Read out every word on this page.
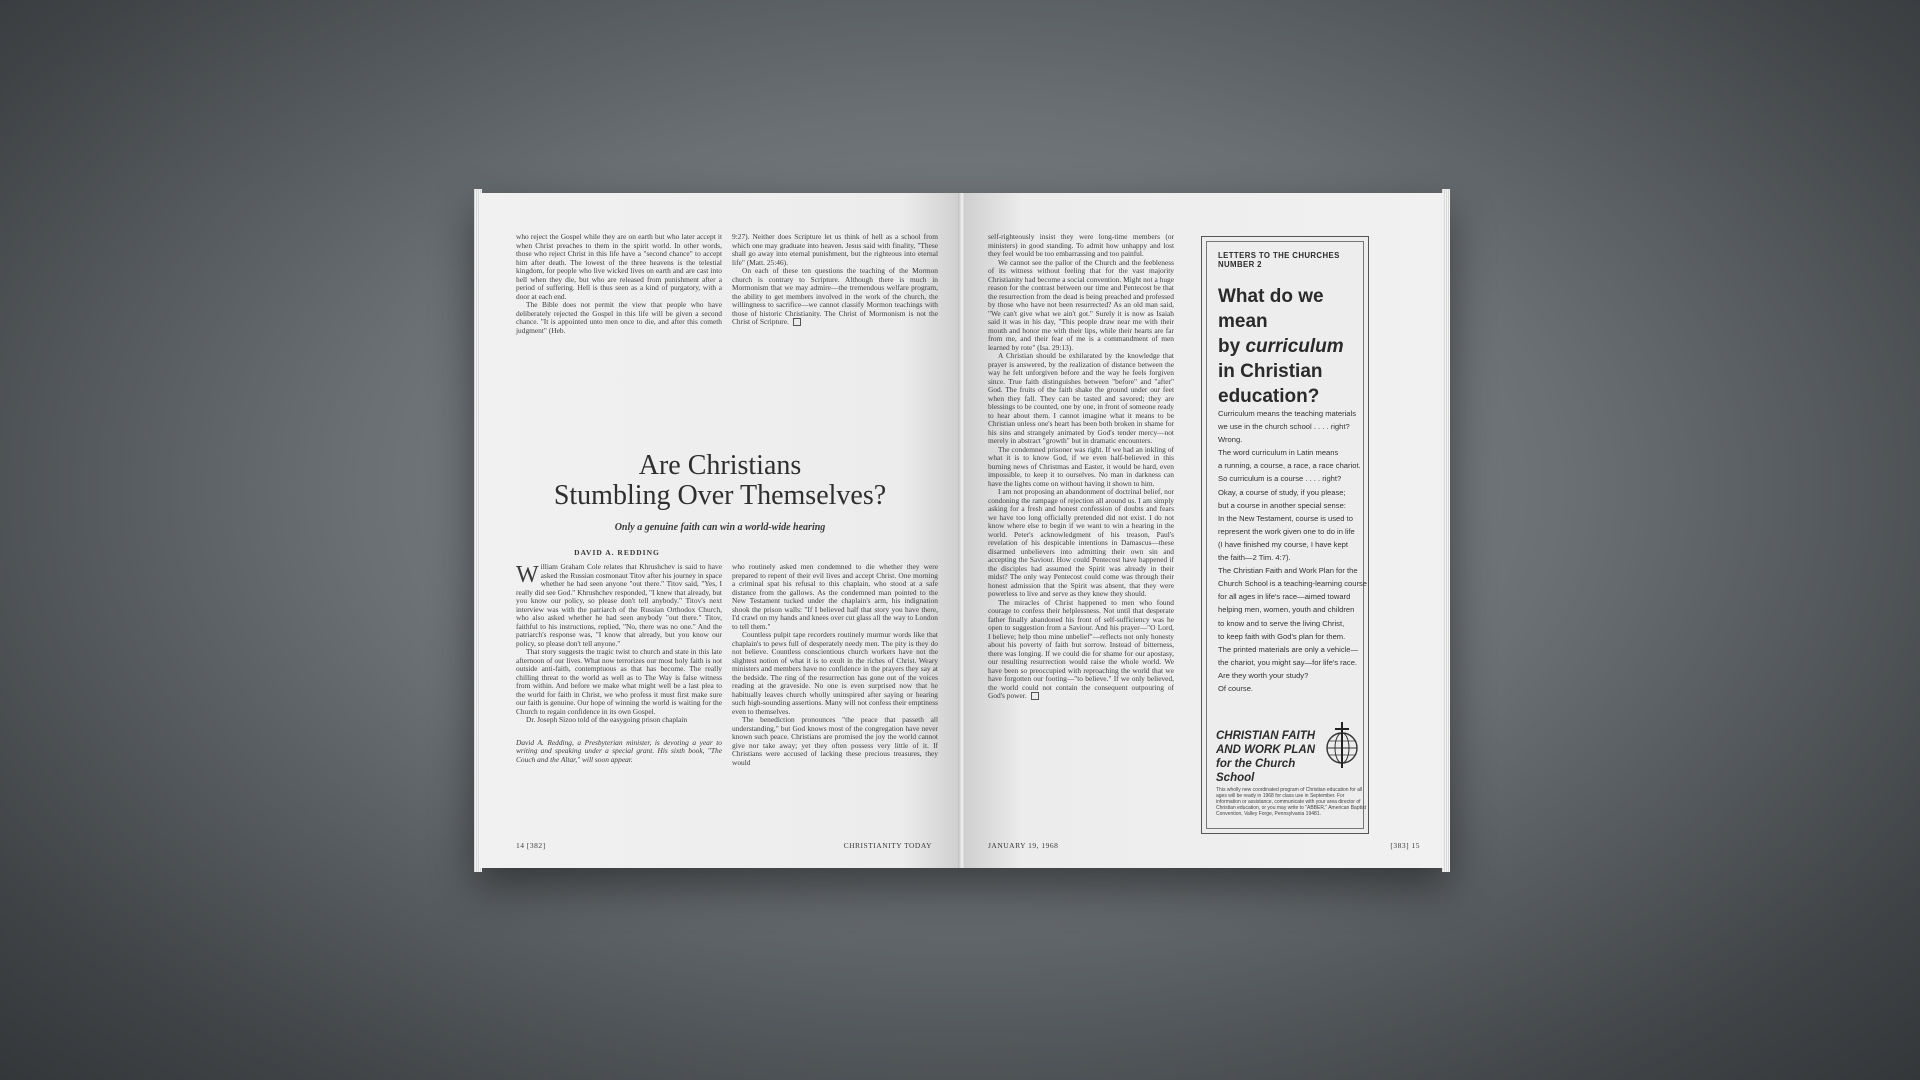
who reject the Gospel while they are on earth but who later accept it when Christ preaches to them in the spirit world. In other words, those who reject Christ in this life have a "second chance" to accept him after death. The lowest of the three heavens is the telestial kingdom, for people who live wicked lives on earth and are cast into hell when they die, but who are released from punishment after a period of suffering. Hell is thus seen as a kind of purgatory, with a door at each end.

The Bible does not permit the view that people who have deliberately rejected the Gospel in this life will be given a second chance. "It is appointed unto men once to die, and after this cometh judgment" (Heb.

9:27). Neither does Scripture let us think of hell as a school from which one may graduate into heaven. Jesus said with finality, "These shall go away into eternal punishment, but the righteous into eternal life" (Matt. 25:46).

On each of these ten questions the teaching of the Mormon church is contrary to Scripture. Although there is much in Mormonism that we may admire—the tremendous welfare program, the ability to get members involved in the work of the church, the willingness to sacrifice—we cannot classify Mormon teachings with those of historic Christianity. The Christ of Mormonism is not the Christ of Scripture.

Are Christians
Stumbling Over Themselves?
Only a genuine faith can win a world-wide hearing
DAVID A. REDDING

William Graham Cole relates that Khrushchev is said to have asked the Russian cosmonaut Titov after his journey in space whether he had seen anyone "out there." Titov said, "Yes, I really did see God." Khrushchev responded, "I knew that already, but you know our policy, so please don't tell anybody." Titov's next interview was with the patriarch of the Russian Orthodox Church, who also asked whether he had seen anybody "out there." Titov, faithful to his instructions, replied, "No, there was no one." And the patriarch's response was, "I know that already, but you know our policy, so please don't tell anyone."

That story suggests the tragic twist to church and state in this late afternoon of our lives. What now terrorizes our most holy faith is not outside anti-faith, contemptuous as that has become. The really chilling threat to the world as well as to The Way is false witness from within. And before we make what might well be a last plea to the world for faith in Christ, we who profess it must first make sure our faith is genuine. Our hope of winning the world is waiting for the Church to regain confidence in its own Gospel.

Dr. Joseph Sizoo told of the easygoing prison chaplain

David A. Redding, a Presbyterian minister, is devoting a year to writing and speaking under a special grant. His sixth book, "The Couch and the Altar," will soon appear.

who routinely asked men condemned to die whether they were prepared to repent of their evil lives and accept Christ. One morning a criminal spat his refusal to this chaplain, who stood at a safe distance from the gallows. As the condemned man pointed to the New Testament tucked under the chaplain's arm, his indignation shook the prison walls: "If I believed half that story you have there, I'd crawl on my hands and knees over cut glass all the way to London to tell them."

Countless pulpit tape recorders routinely murmur words like that chaplain's to pews full of desperately needy men. The pity is they do not believe. Countless conscientious church workers have not the slightest notion of what it is to exult in the riches of Christ. Weary ministers and members have no confidence in the prayers they say at the bedside. The ring of the resurrection has gone out of the voices reading at the graveside. No one is even surprised now that he habitually leaves church wholly uninspired after saying or hearing such high-sounding assertions. Many will not confess their emptiness even to themselves.

The benediction pronounces "the peace that passeth all understanding," but God knows most of the congregation have never known such peace. Christians are promised the joy the world cannot give nor take away; yet they often possess very little of it. If Christians were accused of lacking these precious treasures, they would

14 [382]	CHRISTIANITY TODAY

self-righteously insist they were long-time members (or ministers) in good standing. To admit how unhappy and lost they feel would be too embarrassing and too painful.

We cannot see the pallor of the Church and the feebleness of its witness without feeling that for the vast majority Christianity had become a social convention. Might not a huge reason for the contrast between our time and Pentecost be that the resurrection from the dead is being preached and professed by those who have not been resurrected? As an old man said, "We can't give what we ain't got." Surely it is now as Isaiah said it was in his day, "This people draw near me with their mouth and honor me with their lips, while their hearts are far from me, and their fear of me is a commandment of men learned by rote" (Isa. 29:13).

A Christian should be exhilarated by the knowledge that prayer is answered, by the realization of distance between the way he felt unforgiven before and the way he feels forgiven since. True faith distinguishes between "before" and "after" God. The fruits of the faith shake the ground under our feet when they fall. They can be tasted and savored; they are blessings to be counted, one by one, in front of someone ready to hear about them. I cannot imagine what it means to be Christian unless one's heart has been both broken in shame for his sins and strangely animated by God's tender mercy—not merely in abstract "growth" but in dramatic encounters.

The condemned prisoner was right. If we had an inkling of what it is to know God, if we even half-believed in this burning news of Christmas and Easter, it would be hard, even impossible, to keep it to ourselves. No man in darkness can have the lights come on without having it shown to him.

I am not proposing an abandonment of doctrinal belief, nor condoning the rampage of rejection all around us. I am simply asking for a fresh and honest confession of doubts and fears we have too long officially pretended did not exist. I do not know where else to begin if we want to win a hearing in the world. Peter's acknowledgment of his treason, Paul's revelation of his despicable intentions in Damascus—these disarmed unbelievers into admitting their own sin and accepting the Saviour. How could Pentecost have happened if the disciples had assumed the Spirit was already in their midst? The only way Pentecost could come was through their honest admission that the Spirit was absent, that they were powerless to live and serve as they knew they should.

The miracles of Christ happened to men who found courage to confess their helplessness. Not until that desperate father finally abandoned his front of self-sufficiency was he open to suggestion from a Saviour. And his prayer—"O Lord, I believe; help thou mine unbelief"—reflects not only honesty about his poverty of faith but sorrow. Instead of bitterness, there was longing. If we could die for shame for our apostasy, our resulting resurrection would raise the whole world. We have been so preoccupied with reproaching the world that we have forgotten our footing—"to believe." If we only believed, the world could not contain the consequent outpouring of God's power.

JANUARY 19, 1968	[383] 15
LETTERS TO THE CHURCHES NUMBER 2
What do we mean
by curriculum
in Christian
education?
Curriculum means the teaching materials
we use in the church school . . . . right?
Wrong.
The word curriculum in Latin means
a running, a course, a race, a race chariot.
So curriculum is a course . . . . right?
Okay, a course of study, if you please;
but a course in another special sense:
In the New Testament, course is used to
represent the work given one to do in life
(I have finished my course, I have kept
the faith—2 Tim. 4:7).
The Christian Faith and Work Plan for the
Church School is a teaching-learning course
for all ages in life's race—aimed toward
helping men, women, youth and children
to know and to serve the living Christ,
to keep faith with God's plan for them.
The printed materials are only a vehicle—
the chariot, you might say—for life's race.
Are they worth your study?
Of course.
CHRISTIAN FAITH
AND WORK PLAN
for the Church School
This wholly new coordinated program of Christian education for all ages will be ready in 1968 for class use in September. For information or assistance, communicate with your area director of Christian education, or you may write to "ABBER," American Baptist Convention, Valley Forge, Pennsylvania 19481.
